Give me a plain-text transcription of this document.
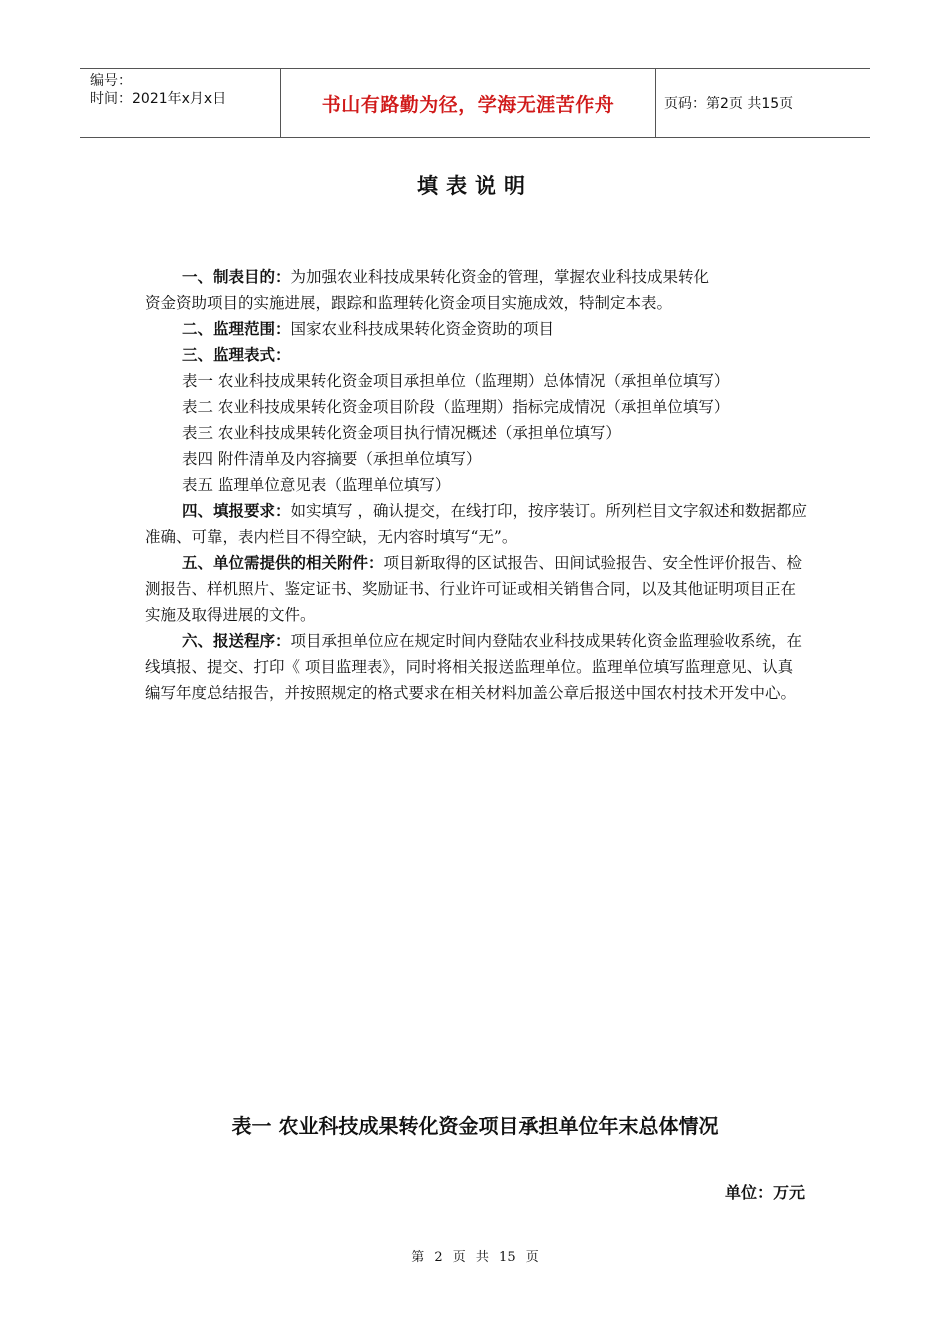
编号：
时间：2021年x月x日	书山有路勤为径，学海无涯苦作舟	页码：第2页 共15页
填表说明

一、制表目的：为加强农业科技成果转化资金的管理，掌握农业科技成果转化

资金资助项目的实施进展，跟踪和监理转化资金项目实施成效，特制定本表。

二、监理范围：国家农业科技成果转化资金资助的项目

三、监理表式：

表一 农业科技成果转化资金项目承担单位（监理期）总体情况（承担单位填写）

表二 农业科技成果转化资金项目阶段（监理期）指标完成情况（承担单位填写）

表三 农业科技成果转化资金项目执行情况概述（承担单位填写）

表四 附件清单及内容摘要（承担单位填写）

表五 监理单位意见表（监理单位填写）

四、填报要求：如实填写 ，确认提交，在线打印，按序装订。所列栏目文字叙述和数据都应准确、可靠，表内栏目不得空缺，无内容时填写“无”。

五、单位需提供的相关附件：项目新取得的区试报告、田间试验报告、安全性评价报告、检测报告、样机照片、鉴定证书、奖励证书、行业许可证或相关销售合同，以及其他证明项目正在实施及取得进展的文件。

六、报送程序：项目承担单位应在规定时间内登陆农业科技成果转化资金监理验收系统，在线填报、提交、打印《 项目监理表》，同时将相关报送监理单位。监理单位填写监理意见、认真编写年度总结报告，并按照规定的格式要求在相关材料加盖公章后报送中国农村技术开发中心。

表一 农业科技成果转化资金项目承担单位年末总体情况
单位：万元
第 2 页 共 15 页
